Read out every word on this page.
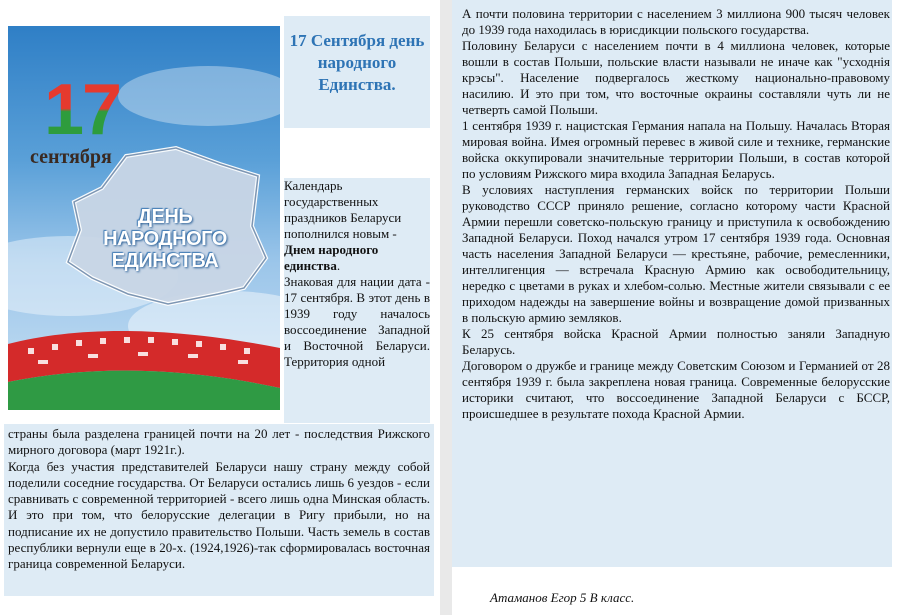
17
сентября
ДЕНЬ НАРОДНОГО ЕДИНСТВА
17 Сентября день народного Единства.

Календарь государственных праздников Беларуси пополнился новым - Днем народного единства.

Знаковая для нации дата - 17 сентября. В этот день в 1939 году началось воссоединение Западной и Восточной Беларуси. Территория одной

страны была разделена границей почти на 20 лет - последствия Рижского мирного договора (март 1921г.).

Когда без участия представителей Беларуси нашу страну между собой поделили соседние государства. От Беларуси остались лишь 6 уездов - если сравнивать с современной территорией - всего лишь одна Минская область. И это при том, что белорусские делегации в Ригу прибыли, но на подписание их не допустило правительство Польши. Часть земель в состав республики вернули еще в 20-х. (1924,1926)-так сформировалась восточная граница современной Беларуси.

А почти половина территории с населением 3 миллиона 900 тысяч человек до 1939 года находилась в юрисдикции польского государства.

Половину Беларуси с населением почти в 4 миллиона человек, которые вошли в состав Польши, польские власти называли не иначе как "усходнія крэсы". Население подвергалось жесткому национально-правовому насилию. И это при том, что восточные окраины составляли чуть ли не четверть самой Польши.

1 сентября 1939 г. нацистская Германия напала на Польшу. Началась Вторая мировая война. Имея огромный перевес в живой силе и технике, германские войска оккупировали значительные территории Польши, в состав которой по условиям Рижского мира входила Западная Беларусь.

В условиях наступления германских войск по территории Польши руководство СССР приняло решение, согласно которому части Красной Армии перешли советско-польскую границу и приступила к освобождению Западной Беларуси. Поход начался утром 17 сентября 1939 года. Основная часть населения Западной Беларуси — крестьяне, рабочие, ремесленники, интеллигенция — встречала Красную Армию как освободительницу, нередко с цветами в руках и хлебом-солью. Местные жители связывали с ее приходом надежды на завершение войны и возвращение домой призванных в польскую армию земляков.

К 25 сентября войска Красной Армии полностью заняли Западную Беларусь.

Договором о дружбе и границе между Советским Союзом и Германией от 28 сентября 1939 г. была закреплена новая граница. Современные белорусские историки считают, что воссоединение Западной Беларуси с БССР, происшедшее в результате похода Красной Армии.

Атаманов Егор 5 В класс.
